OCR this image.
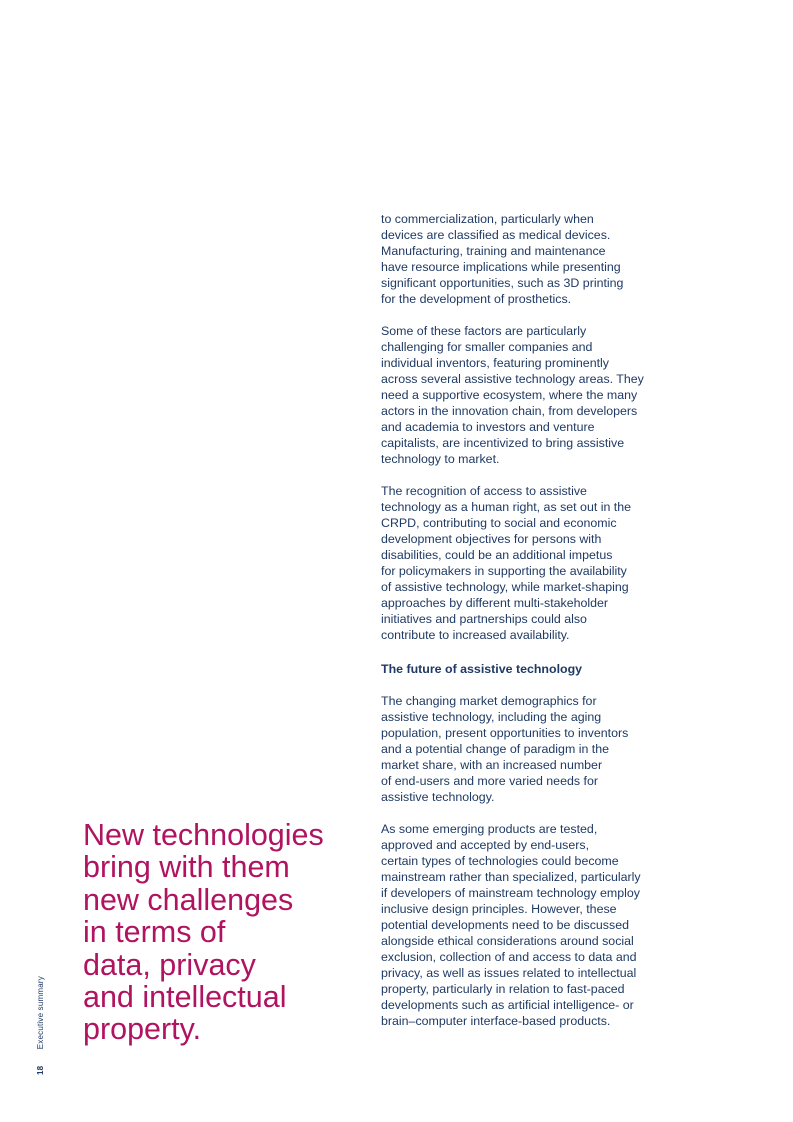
to commercialization, particularly when
devices are classified as medical devices.
Manufacturing, training and maintenance
have resource implications while presenting
significant opportunities, such as 3D printing
for the development of prosthetics.

Some of these factors are particularly
challenging for smaller companies and
individual inventors, featuring prominently
across several assistive technology areas. They
need a supportive ecosystem, where the many
actors in the innovation chain, from developers
and academia to investors and venture
capitalists, are incentivized to bring assistive
technology to market.

The recognition of access to assistive
technology as a human right, as set out in the
CRPD, contributing to social and economic
development objectives for persons with
disabilities, could be an additional impetus
for policymakers in supporting the availability
of assistive technology, while market-shaping
approaches by different multi-stakeholder
initiatives and partnerships could also
contribute to increased availability.

The future of assistive technology

The changing market demographics for
assistive technology, including the aging
population, present opportunities to inventors
and a potential change of paradigm in the
market share, with an increased number
of end-users and more varied needs for
assistive technology.

As some emerging products are tested,
approved and accepted by end-users,
certain types of technologies could become
mainstream rather than specialized, particularly
if developers of mainstream technology employ
inclusive design principles. However, these
potential developments need to be discussed
alongside ethical considerations around social
exclusion, collection of and access to data and
privacy, as well as issues related to intellectual
property, particularly in relation to fast-paced
developments such as artificial intelligence- or
brain–computer interface-based products.

New technologies
bring with them
new challenges
in terms of
data, privacy
and intellectual
property.
18 Executive summary
